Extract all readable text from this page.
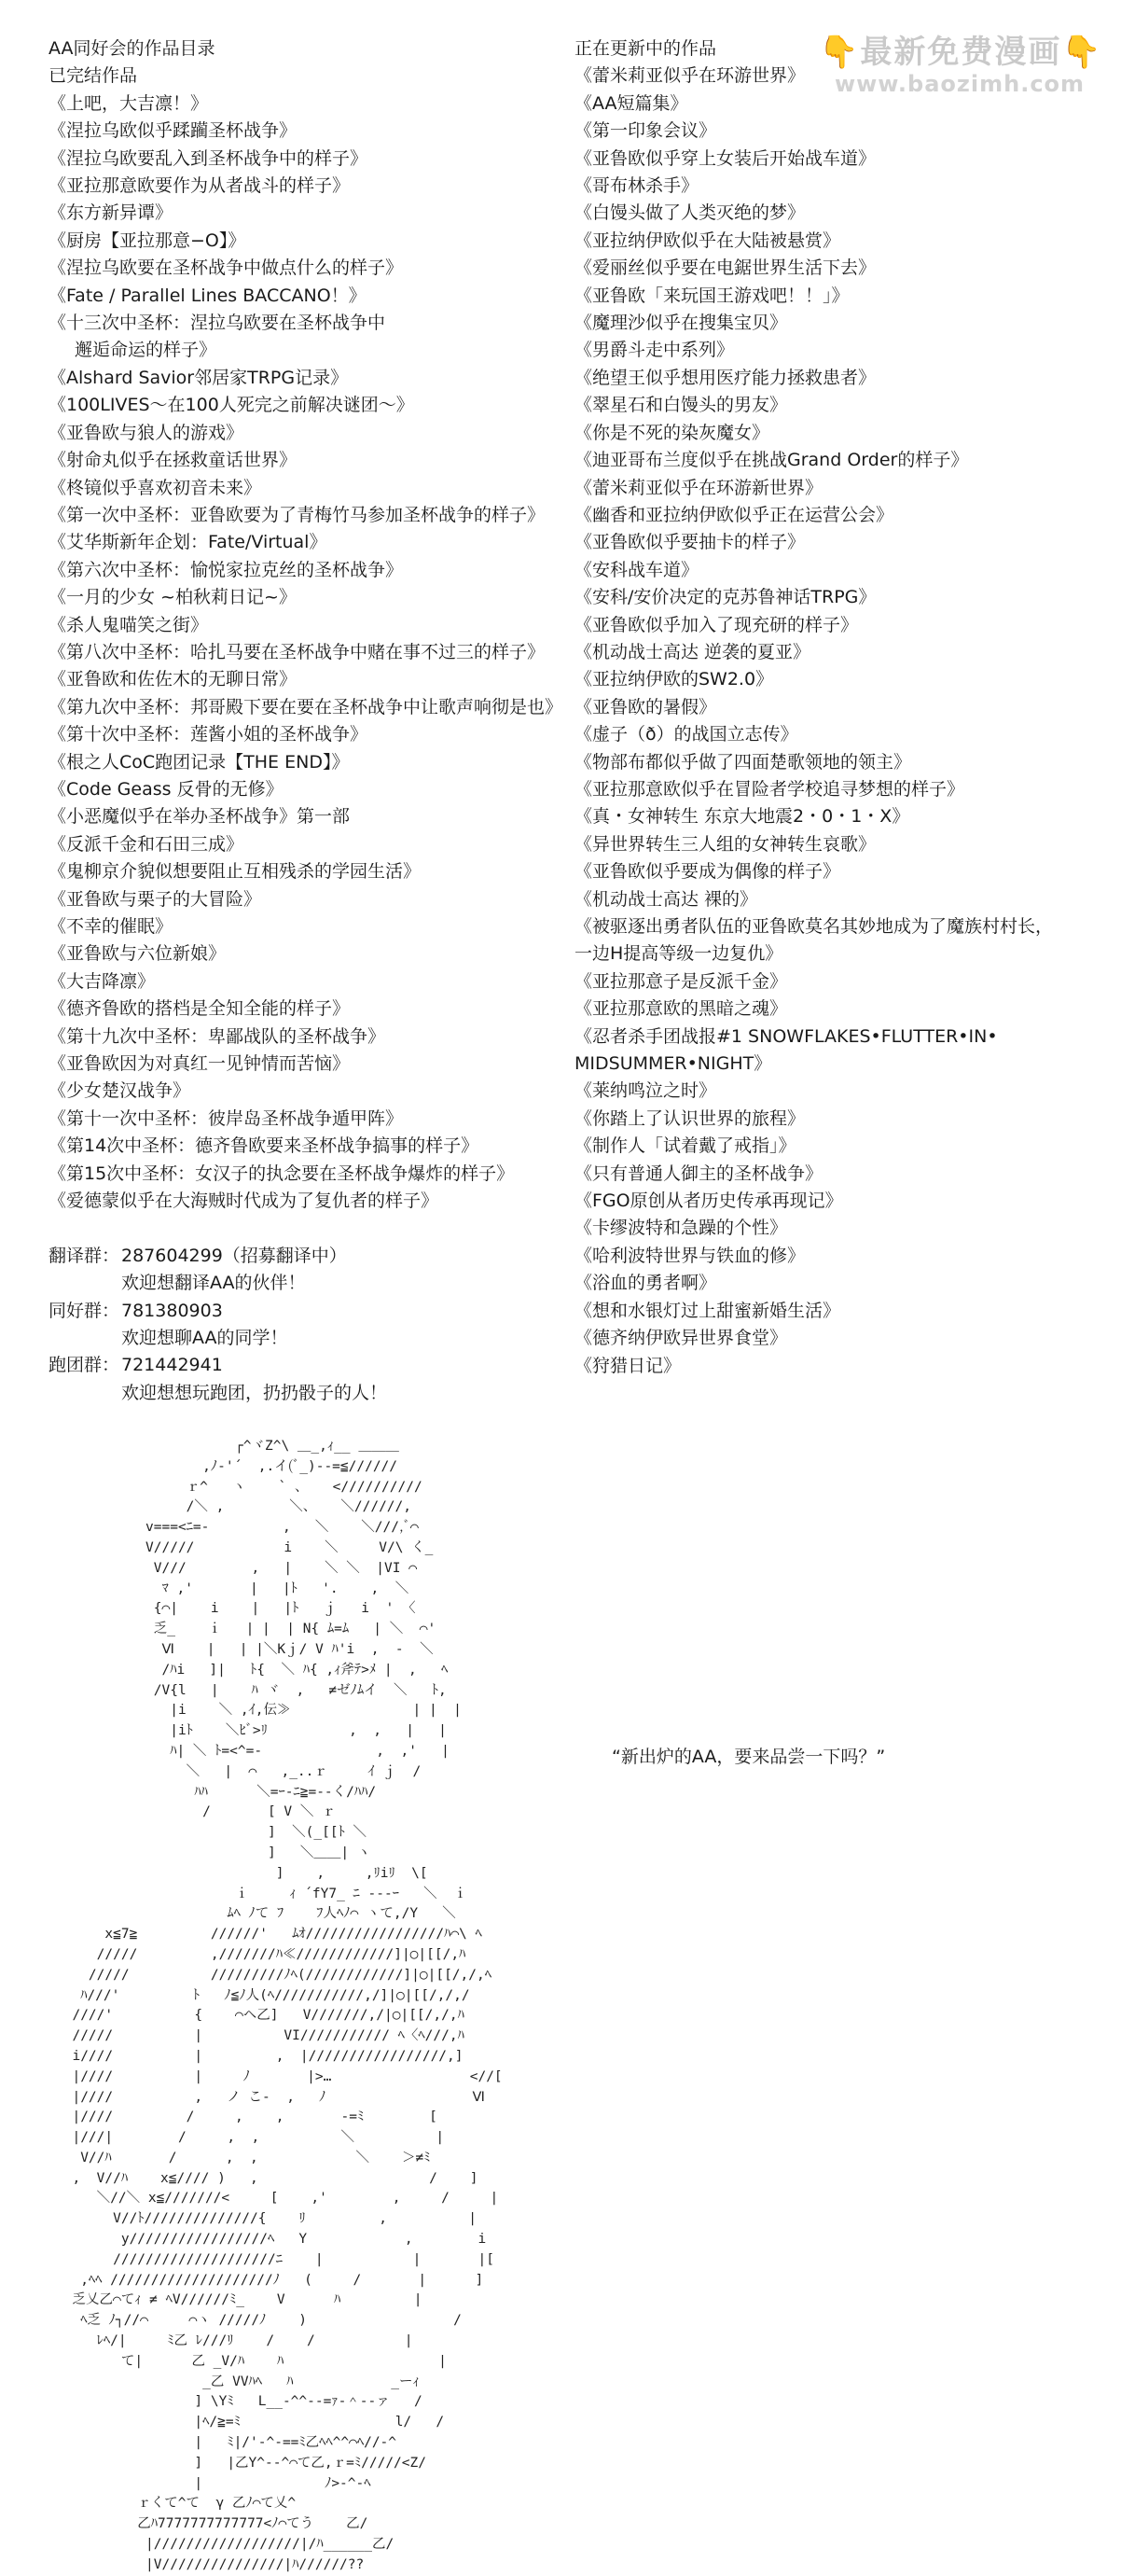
👇最新免费漫画👇
www.baozimh.com
AA同好会的作品目录
已完结作品
《上吧，大吉凛！》
《涅拉乌欧似乎蹂躏圣杯战争》
《涅拉乌欧要乱入到圣杯战争中的样子》
《亚拉那意欧要作为从者战斗的样子》
《东方新异谭》
《厨房【亚拉那意−O】》
《涅拉乌欧要在圣杯战争中做点什么的样子》
《Fate / Parallel Lines BACCANO！》
《十三次中圣杯：涅拉乌欧要在圣杯战争中
邂逅命运的样子》
《Alshard Savior邻居家TRPG记录》
《100LIVES～在100人死完之前解决谜团～》
《亚鲁欧与狼人的游戏》
《射命丸似乎在拯救童话世界》
《柊镜似乎喜欢初音未来》
《第一次中圣杯：亚鲁欧要为了青梅竹马参加圣杯战争的样子》
《艾华斯新年企划：Fate/Virtual》
《第六次中圣杯：愉悦家拉克丝的圣杯战争》
《一月的少女 ~柏秋莉日记~》
《杀人鬼喵笑之街》
《第八次中圣杯：哈扎马要在圣杯战争中赌在事不过三的样子》
《亚鲁欧和佐佐木的无聊日常》
《第九次中圣杯：邦哥殿下要在要在圣杯战争中让歌声响彻是也》
《第十次中圣杯：莲酱小姐的圣杯战争》
《根之人CoC跑团记录【THE END】》
《Code Geass 反骨的无修》
《小恶魔似乎在举办圣杯战争》第一部
《反派千金和石田三成》
《鬼柳京介貌似想要阻止互相残杀的学园生活》
《亚鲁欧与栗子的大冒险》
《不幸的催眠》
《亚鲁欧与六位新娘》
《大吉降凛》
《德齐鲁欧的搭档是全知全能的样子》
《第十九次中圣杯：卑鄙战队的圣杯战争》
《亚鲁欧因为对真红一见钟情而苦恼》
《少女楚汉战争》
《第十一次中圣杯：彼岸岛圣杯战争遁甲阵》
《第14次中圣杯：德齐鲁欧要来圣杯战争搞事的样子》
《第15次中圣杯：女汉子的执念要在圣杯战争爆炸的样子》
《爱德蒙似乎在大海贼时代成为了复仇者的样子》
翻译群： 287604299（招募翻译中）
欢迎想翻译AA的伙伴！
同好群： 781380903
欢迎想聊AA的同学！
跑团群： 721442941
欢迎想想玩跑团，扔扔骰子的人！
正在更新中的作品
《蕾米莉亚似乎在环游世界》
《AA短篇集》
《第一印象会议》
《亚鲁欧似乎穿上女装后开始战车道》
《哥布林杀手》
《白馒头做了人类灭绝的梦》
《亚拉纳伊欧似乎在大陆被悬赏》
《爱丽丝似乎要在电鋸世界生活下去》
《亚鲁欧「来玩国王游戏吧！！」》
《魔理沙似乎在搜集宝贝》
《男爵斗走中系列》
《绝望王似乎想用医疗能力拯救患者》
《翠星石和白馒头的男友》
《你是不死的染灰魔女》
《迪亚哥布兰度似乎在挑战Grand Order的样子》
《蕾米莉亚似乎在环游新世界》
《幽香和亚拉纳伊欧似乎正在运营公会》
《亚鲁欧似乎要抽卡的样子》
《安科战车道》
《安科/安价决定的克苏鲁神话TRPG》
《亚鲁欧似乎加入了现充研的样子》
《机动战士高达 逆袭的夏亚》
《亚拉纳伊欧的SW2.0》
《亚鲁欧的暑假》
《虚子（ð）的战国立志传》
《物部布都似乎做了四面楚歌领地的领主》
《亚拉那意欧似乎在冒险者学校追寻梦想的样子》
《真・女神转生 东京大地震2・0・1・X》
《异世界转生三人组的女神转生哀歌》
《亚鲁欧似乎要成为偶像的样子》
《机动战士高达 裸的》
《被驱逐出勇者队伍的亚鲁欧莫名其妙地成为了魔族村村长，
一边H提高等级一边复仇》
《亚拉那意子是反派千金》
《亚拉那意欧的黑暗之魂》
《忍者杀手团战报#1 SNOWFLAKES•FLUTTER•IN•
MIDSUMMER•NIGHT》
《莱纳鸣泣之时》
《你踏上了认识世界的旅程》
《制作人「试着戴了戒指」》
《只有普通人御主的圣杯战争》
《FGO原创从者历史传承再现记》
《卡缪波特和急躁的个性》
《哈利波特世界与铁血的修》
《浴血的勇者啊》
《想和水银灯过上甜蜜新婚生活》
《德齐纳伊欧异世界食堂》
《狩猎日记》
┌^ヾZ^\ ＿_,ｨ__ ＿＿＿
,ﾉ-'´  ,.イ(ﾞ_)‐‐=≦//////
ｒ^   ヽ    ` 、   <//////////
/＼ ,        ＼、   ＼//////,
v===<ﾆ=-         ,   ＼    ＼///,ﾞ⌒
V/////           i    ＼     V/\ く_
V///        ,   |    ＼ ＼  |VI ⌒
ﾏ ,'       |   |ﾄ   '.    ,  ＼
{⌒|    i    |   |ﾄ   ｊ   i  ' 〈
乏_    ｉ   | |  | N{ ﾑ=ﾑ   | ＼  ⌒'
Ⅵ    |   | |＼Kｊ/ V ﾊ'i  ,  ‐  ＼
/ﾊi   ]|   ﾄ{  ＼ ﾊ{ ,ｨ斧ﾃ>ﾒ |  ,   ﾍ
/V{l   |    ﾊ ヾ  ,   ≠ゼﾉﾑイ  ＼   ﾄ,
|i    ＼ ,ｲ,伝≫               | |  |
|iﾄ    ＼ﾋﾞ>ﾘ          ,  ,   |   |
ﾊ| ＼ ﾄ=<^=-              ,  ,'   |
＼   |  ⌒   ,_..ｒ     ｲ ｊ  /
ﾊﾊ      ＼=ｰ-ﾆ≧=-‐く/ﾊﾊ/
/       [ V ＼ ｒ
]  ＼(_[[ﾄ ＼
]   ＼＿＿| ヽ
]    ,     ,ﾘiﾘ  \[
ｉ     ｨ ´fY7_ ﾆ ---ｰ   ＼  ｉ
ﾑﾍ ﾉて ﾌ    ﾌ人ﾍﾉ⌒ ヽて,/Y   ＼
x≦7≧         //////'   ﾑｵ/////////////////ﾊ⌒\ ﾍ
/////         ,///////ﾊ≪////////////]|○|[[/,ﾊ
/////          /////////ﾉﾍ(////////////]|○|[[/,/,ﾍ
ﾊ///'         ﾄ   ﾉ≦ﾉ人(ﾍ///////////,/]|○|[[/,/,/
////'          {    ⌒ヘ乙]   V///////,/|○|[[/,/,ﾊ
/////          |          VI/////////// ﾍ〈ﾍ///,ﾊ
i////          |         ,  |/////////////////,]
|////          |     ﾉ       |>…                 <//[
|////          ,   ノ こ-  ,   ﾉ                  Ⅵ
|////         /     ,    ,       ‐=ﾐ        [
|///|        /     ,  ,          ＼          |
V//ﾊ       /      ,  ,            ＼    ＞≠ﾐ
,  V//ﾊ    x≦//// )   ,                     /    ]
＼//＼ x≦///////<     [    ,'        ,     /     |
V//ﾄ//////////////{    ﾘ         ,          |
y/////////////////ﾍ   Y            ,        i
////////////////////ﾆ    |           |       |[
,ﾍﾍ ////////////////////ﾉ   (     /       |      ]
乏乂乙⌒てｨ ≠ ﾍV//////ﾐ_    V      ﾊ         |
ﾍ乏 ﾉ┐//⌒     ⌒ヽ /////ﾉ    )                  /
ﾚﾍ/|     ﾐ乙 ﾚ///ﾘ    /    /           |
て|      乙 _V/ﾊ    ﾊ                   |
_乙 VVﾊﾍ   ﾊ            _ーｨ
] \Yﾐ   L__‐^^‐‐=ｧ‐＾‐‐ァ   /
|ﾍ/≧=ﾐ                   l/   /
|   ﾐ|/'‐^‐==ﾐ乙ﾍﾍ^^⌒ﾍ//‐^
]   |乙Y^‐‐^⌒て乙,ｒ=ﾐ/////<Z/
|               ﾉ>‐^‐ﾍ
ｒくて^て  γ 乙ﾉ⌒て乂^
乙ﾊ7777777777777<ﾉ⌒てう    乙/
|//////////////////|/ﾊ______乙/
|V///////////////|ﾊ//////??
“新出炉的AA，要来品尝一下吗？”
